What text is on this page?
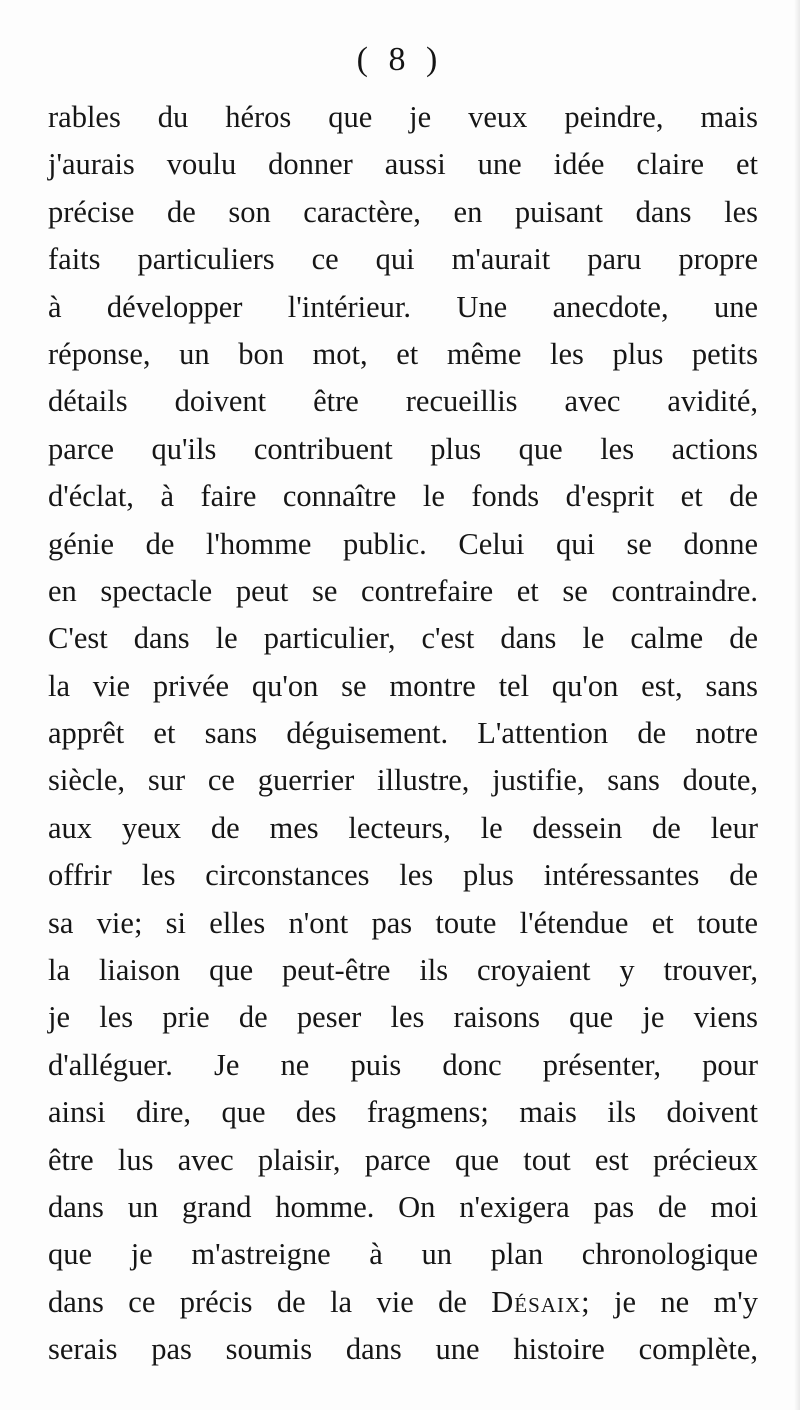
( 8 )
rables du héros que je veux peindre, mais
j'aurais voulu donner aussi une idée claire et
précise de son caractère, en puisant dans les
faits particuliers ce qui m'aurait paru propre
à développer l'intérieur. Une anecdote, une
réponse, un bon mot, et même les plus petits
détails doivent être recueillis avec avidité,
parce qu'ils contribuent plus que les actions
d'éclat, à faire connaître le fonds d'esprit et de
génie de l'homme public. Celui qui se donne
en spectacle peut se contrefaire et se contraindre.
C'est dans le particulier, c'est dans le calme de
la vie privée qu'on se montre tel qu'on est, sans
apprêt et sans déguisement. L'attention de notre
siècle, sur ce guerrier illustre, justifie, sans doute,
aux yeux de mes lecteurs, le dessein de leur
offrir les circonstances les plus intéressantes de
sa vie; si elles n'ont pas toute l'étendue et toute
la liaison que peut-être ils croyaient y trouver,
je les prie de peser les raisons que je viens
d'alléguer. Je ne puis donc présenter, pour
ainsi dire, que des fragmens; mais ils doivent
être lus avec plaisir, parce que tout est précieux
dans un grand homme. On n'exigera pas de moi
que je m'astreigne à un plan chronologique
dans ce précis de la vie de Désaix; je ne m'y
serais pas soumis dans une histoire complète,
